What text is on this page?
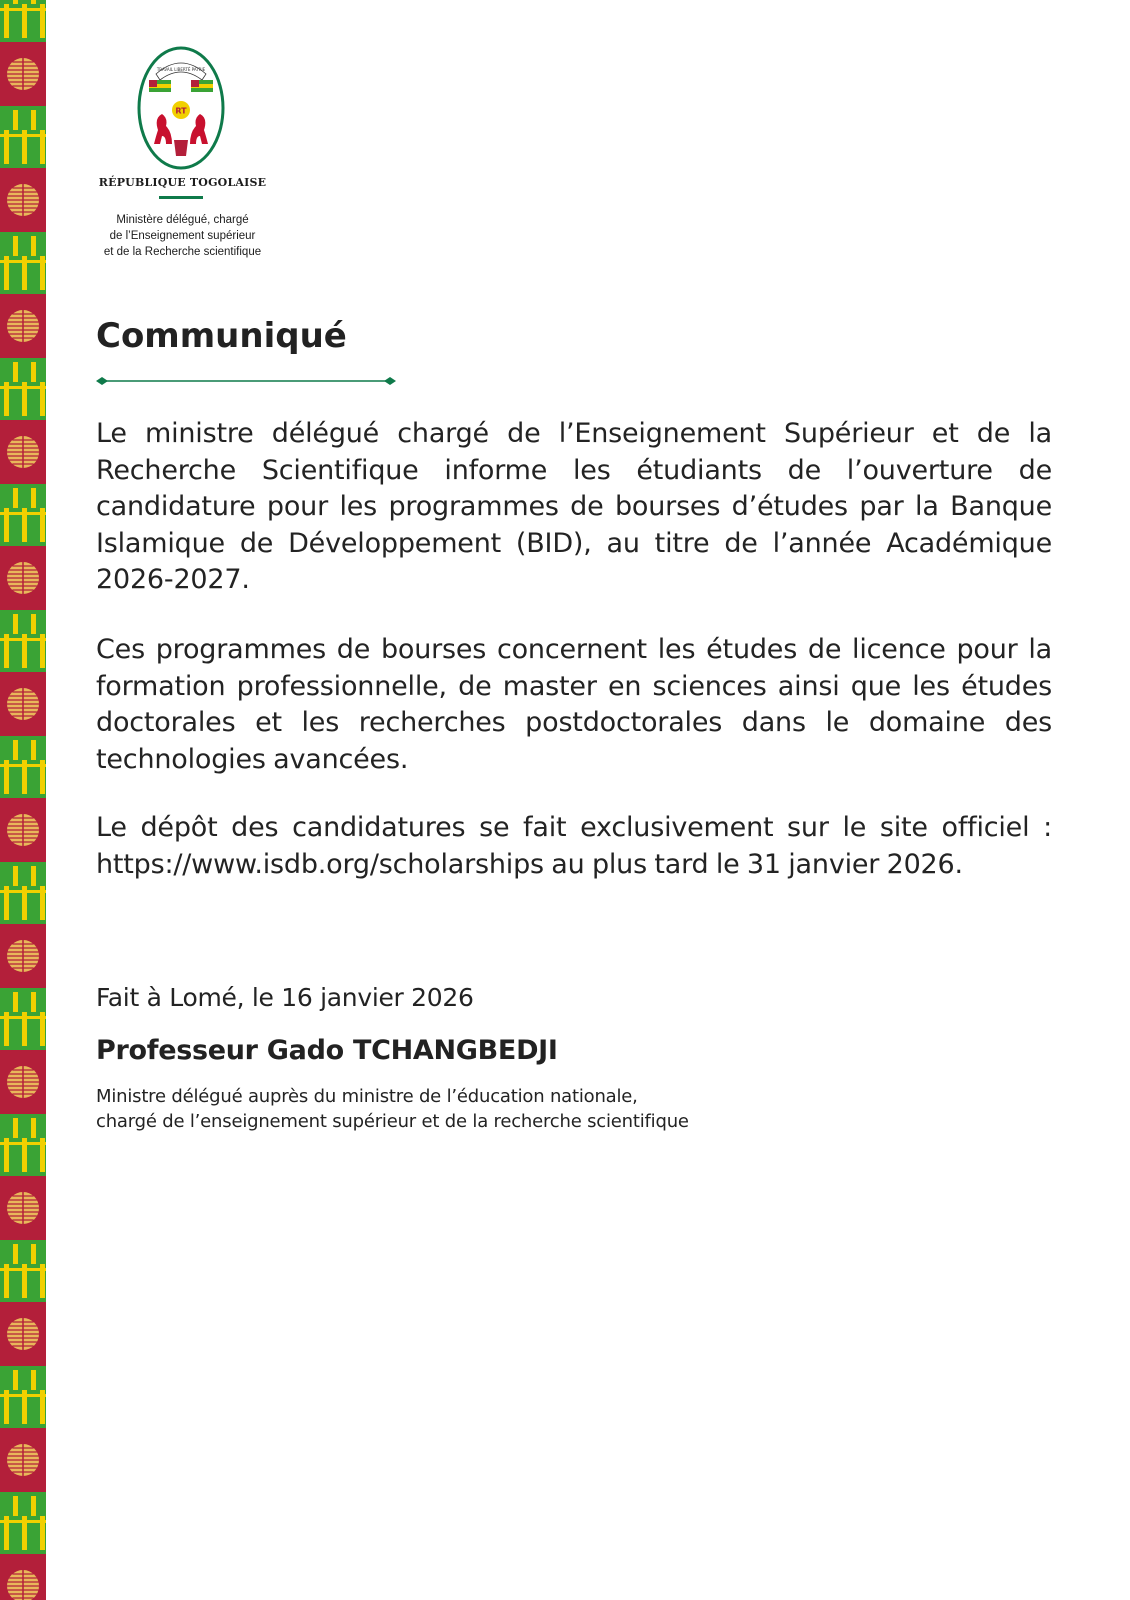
TRAVAIL LIBERTÉ PATRIE
RT
RÉPUBLIQUE TOGOLAISE
Ministère délégué, chargé
de l’Enseignement supérieur
et de la Recherche scientifique
Communiqué

Le ministre délégué chargé de l’Enseignement Supérieur et de la Recherche Scientifique informe les étudiants de l’ouverture de candidature pour les programmes de bourses d’études par la Banque Islamique de Développement (BID), au titre de l’année Académique 2026-2027.

Ces programmes de bourses concernent les études de licence pour la formation professionnelle, de master en sciences ainsi que les études doctorales et les recherches postdoctorales dans le domaine des technologies avancées.

Le dépôt des candidatures se fait exclusivement sur le site officiel : https://www.isdb.org/scholarships au plus tard le 31 janvier 2026.

Fait à Lomé, le 16 janvier 2026
Professeur Gado TCHANGBEDJI
Ministre délégué auprès du ministre de l’éducation nationale,
chargé de l’enseignement supérieur et de la recherche scientifique
